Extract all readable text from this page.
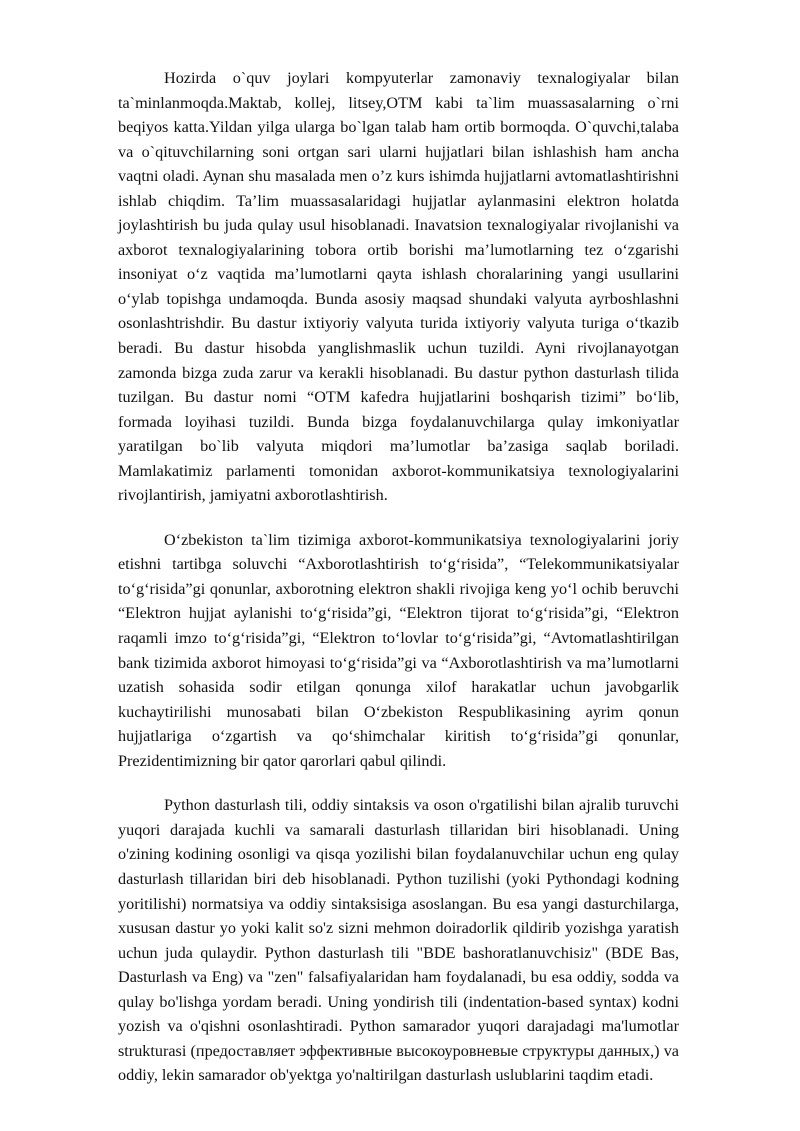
Hozirda o`quv joylari kompyuterlar zamonaviy texnalogiyalar bilan ta`minlanmoqda.Maktab, kollej, litsey,OTM kabi ta`lim muassasalarning o`rni beqiyos katta.Yildan yilga ularga bo`lgan talab ham ortib bormoqda. O`quvchi,talaba va o`qituvchilarning soni ortgan sari ularni hujjatlari bilan ishlashish ham ancha vaqtni oladi. Aynan shu masalada men o’z kurs ishimda hujjatlarni avtomatlashtirishni ishlab chiqdim. Ta’lim muassasalaridagi hujjatlar aylanmasini elektron holatda joylashtirish bu juda qulay usul hisoblanadi. Inavatsion texnalogiyalar rivojlanishi va axborot texnalogiyalarining tobora ortib borishi ma’lumotlarning tez o‘zgarishi insoniyat o‘z vaqtida ma’lumotlarni qayta ishlash choralarining yangi usullarini o‘ylab topishga undamoqda. Bunda asosiy maqsad shundaki valyuta ayrboshlashni osonlashtrishdir. Bu dastur ixtiyoriy valyuta turida ixtiyoriy valyuta turiga o‘tkazib beradi. Bu dastur hisobda yanglishmaslik uchun tuzildi. Ayni rivojlanayotgan zamonda bizga zuda zarur va kerakli hisoblanadi. Bu dastur python dasturlash tilida tuzilgan. Bu dastur nomi “OTM kafedra hujjatlarini boshqarish tizimi” bo‘lib, formada loyihasi tuzildi. Bunda bizga foydalanuvchilarga qulay imkoniyatlar yaratilgan bo`lib valyuta miqdori ma’lumotlar ba’zasiga saqlab boriladi. Mamlakatimiz parlamenti tomonidan axborot-kommunikatsiya texnologiyalarini rivojlantirish, jamiyatni axborotlashtirish.

O‘zbekiston ta`lim tizimiga axborot-kommunikatsiya texnologiyalarini joriy etishni tartibga soluvchi “Axborotlashtirish to‘g‘risida”, “Telekommunikatsiyalar to‘g‘risida”gi qonunlar, axborotning elektron shakli rivojiga keng yo‘l ochib beruvchi “Elektron hujjat aylanishi to‘g‘risida”gi, “Elektron tijorat to‘g‘risida”gi, “Elektron raqamli imzo to‘g‘risida”gi, “Elektron to‘lovlar to‘g‘risida”gi, “Avtomatlashtirilgan bank tizimida axborot himoyasi to‘g‘risida”gi va “Axborotlashtirish va ma’lumotlarni uzatish sohasida sodir etilgan qonunga xilof harakatlar uchun javobgarlik kuchaytirilishi munosabati bilan O‘zbekiston Respublikasining ayrim qonun hujjatlariga o‘zgartish va qo‘shimchalar kiritish to‘g‘risida”gi qonunlar, Prezidentimizning bir qator qarorlari qabul qilindi.

Python dasturlash tili, oddiy sintaksis va oson o'rgatilishi bilan ajralib turuvchi yuqori darajada kuchli va samarali dasturlash tillaridan biri hisoblanadi. Uning o'zining kodining osonligi va qisqa yozilishi bilan foydalanuvchilar uchun eng qulay dasturlash tillaridan biri deb hisoblanadi. Python tuzilishi (yoki Pythondagi kodning yoritilishi) normatsiya va oddiy sintaksisiga asoslangan. Bu esa yangi dasturchilarga, xususan dastur yo yoki kalit so'z sizni mehmon doiradorlik qildirib yozishga yaratish uchun juda qulaydir. Python dasturlash tili "BDE bashoratlanuvchisiz" (BDE Bas, Dasturlash va Eng) va "zen" falsafiyalaridan ham foydalanadi, bu esa oddiy, sodda va qulay bo'lishga yordam beradi. Uning yondirish tili (indentation-based syntax) kodni yozish va o'qishni osonlashtiradi. Python samarador yuqori darajadagi ma'lumotlar strukturasi (предоставляет эффективные высокоуровневые структуры данных,) va oddiy, lekin samarador ob'yektga yo'naltirilgan dasturlash uslublarini taqdim etadi.
